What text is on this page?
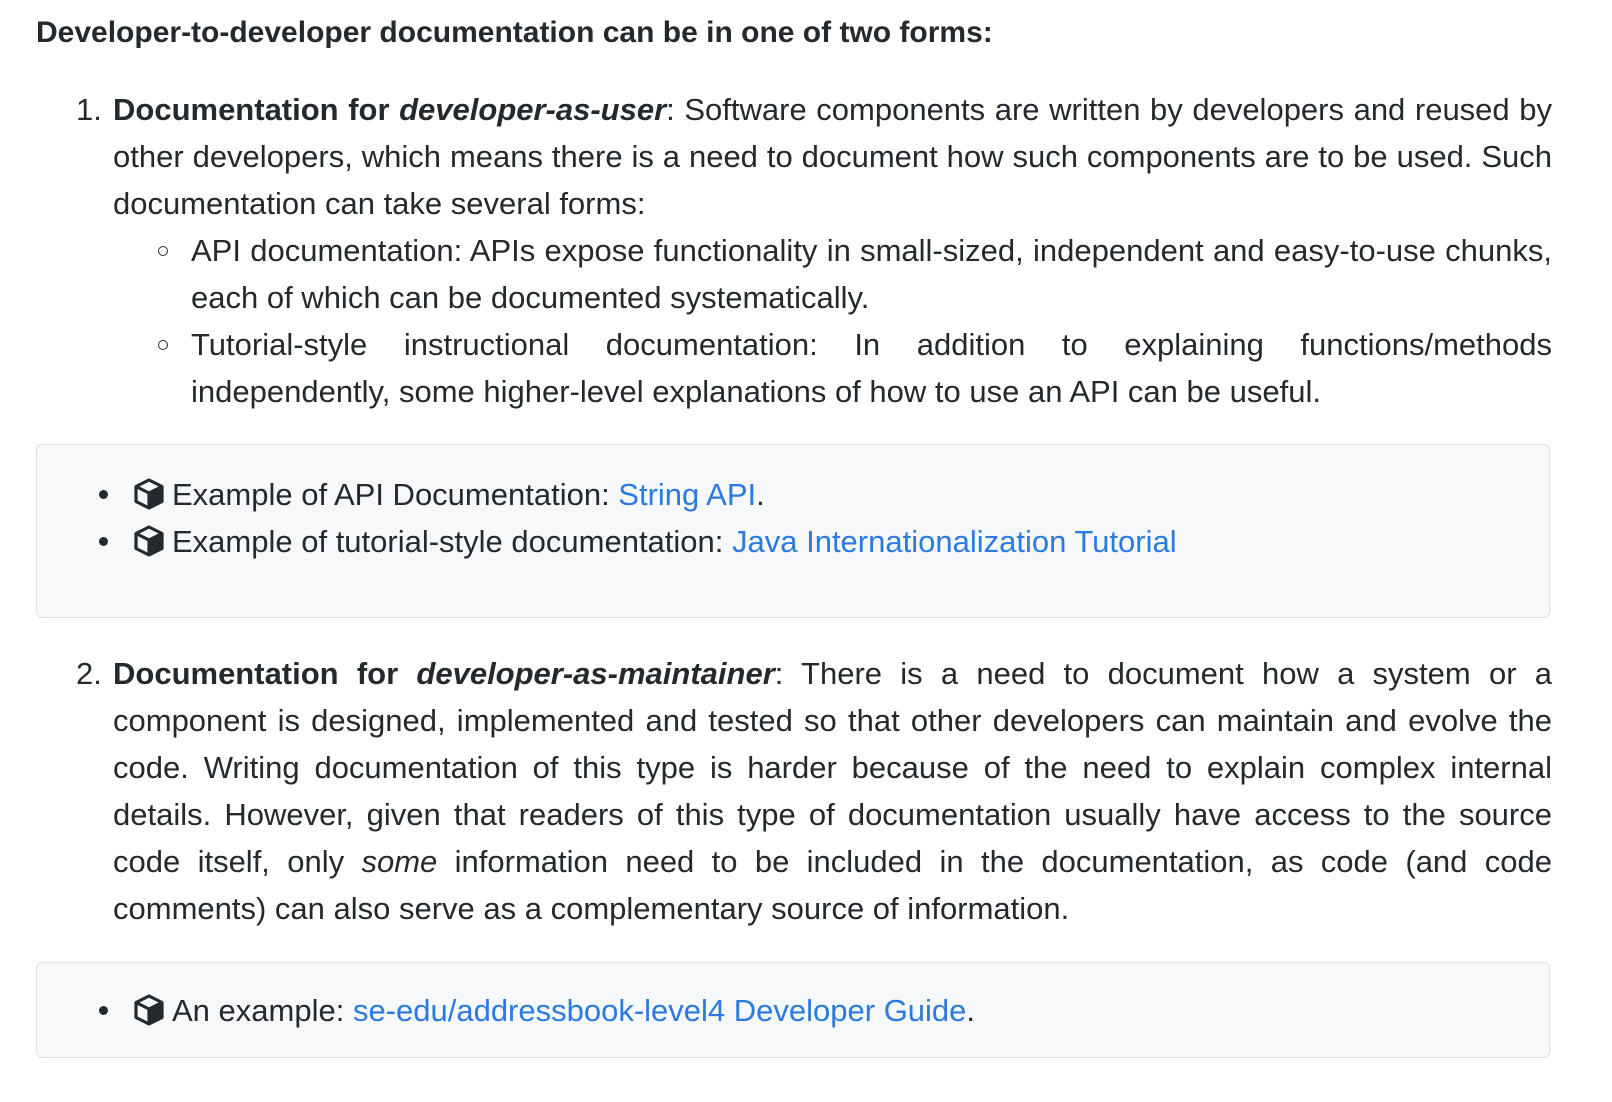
Developer-to-developer documentation can be in one of two forms:
1. Documentation for developer-as-user: Software components are written by developers and reused by other developers, which means there is a need to document how such components are to be used. Such documentation can take several forms:
API documentation: APIs expose functionality in small-sized, independent and easy-to-use chunks, each of which can be documented systematically.
Tutorial-style instructional documentation: In addition to explaining functions/methods independently, some higher-level explanations of how to use an API can be useful.
Example of API Documentation: String API.
Example of tutorial-style documentation: Java Internationalization Tutorial
2. Documentation for developer-as-maintainer: There is a need to document how a system or a component is designed, implemented and tested so that other developers can maintain and evolve the code. Writing documentation of this type is harder because of the need to explain complex internal details. However, given that readers of this type of documentation usually have access to the source code itself, only some information need to be included in the documentation, as code (and code comments) can also serve as a complementary source of information.
An example: se-edu/addressbook-level4 Developer Guide.
